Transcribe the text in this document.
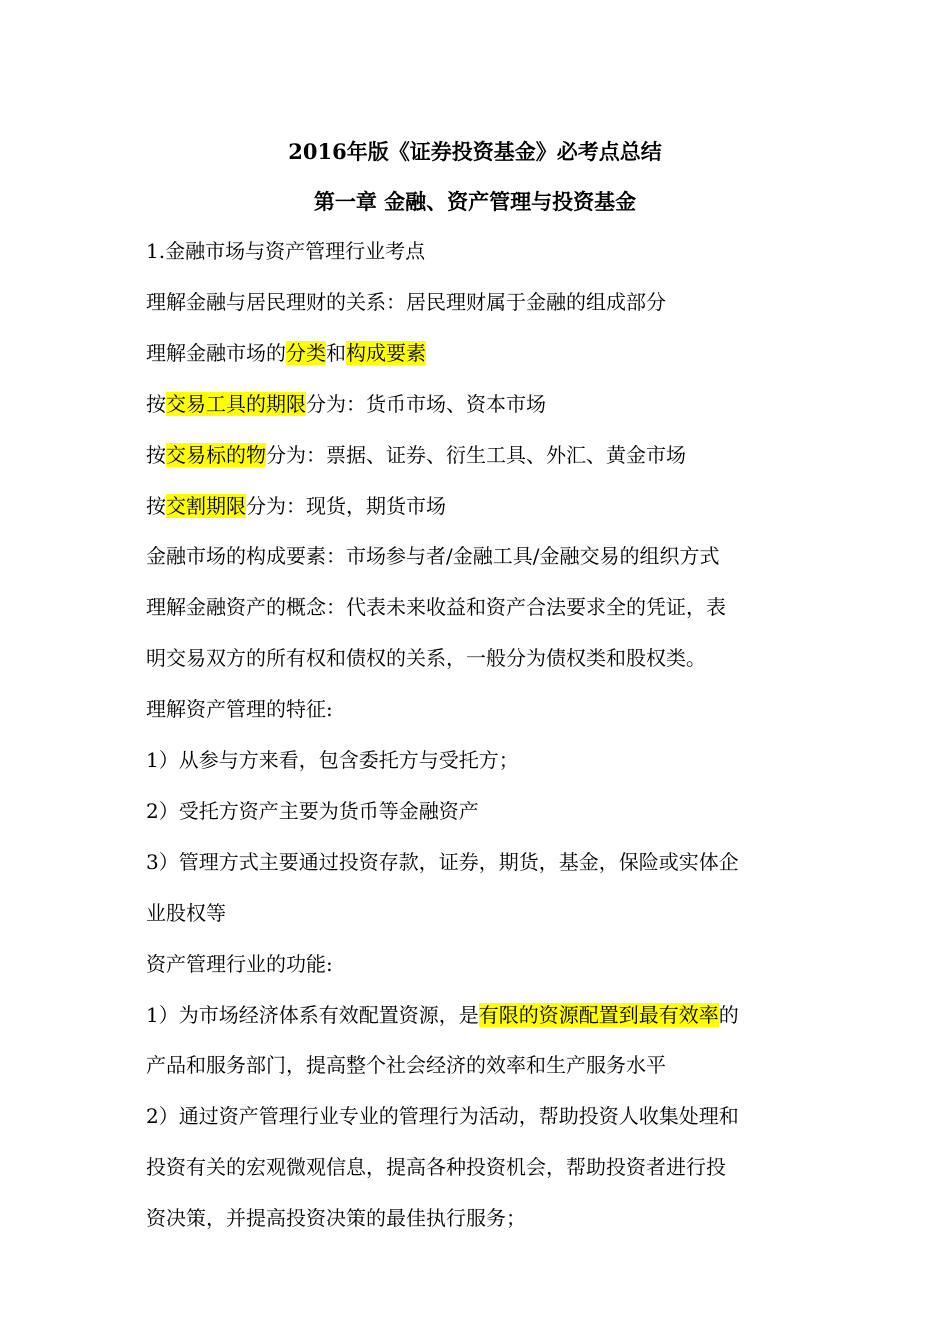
2016年版《证券投资基金》必考点总结
第一章 金融、资产管理与投资基金
1.金融市场与资产管理行业考点
理解金融与居民理财的关系：居民理财属于金融的组成部分
理解金融市场的分类和构成要素
按交易工具的期限分为：货币市场、资本市场
按交易标的物分为：票据、证券、衍生工具、外汇、黄金市场
按交割期限分为：现货，期货市场
金融市场的构成要素：市场参与者/金融工具/金融交易的组织方式
理解金融资产的概念：代表未来收益和资产合法要求全的凭证，表
明交易双方的所有权和债权的关系，一般分为债权类和股权类。
理解资产管理的特征:
1）从参与方来看，包含委托方与受托方；
2）受托方资产主要为货币等金融资产
3）管理方式主要通过投资存款，证券，期货，基金，保险或实体企
业股权等
资产管理行业的功能:
1）为市场经济体系有效配置资源，是有限的资源配置到最有效率的
产品和服务部门，提高整个社会经济的效率和生产服务水平
2）通过资产管理行业专业的管理行为活动，帮助投资人收集处理和
投资有关的宏观微观信息，提高各种投资机会，帮助投资者进行投
资决策，并提高投资决策的最佳执行服务；
